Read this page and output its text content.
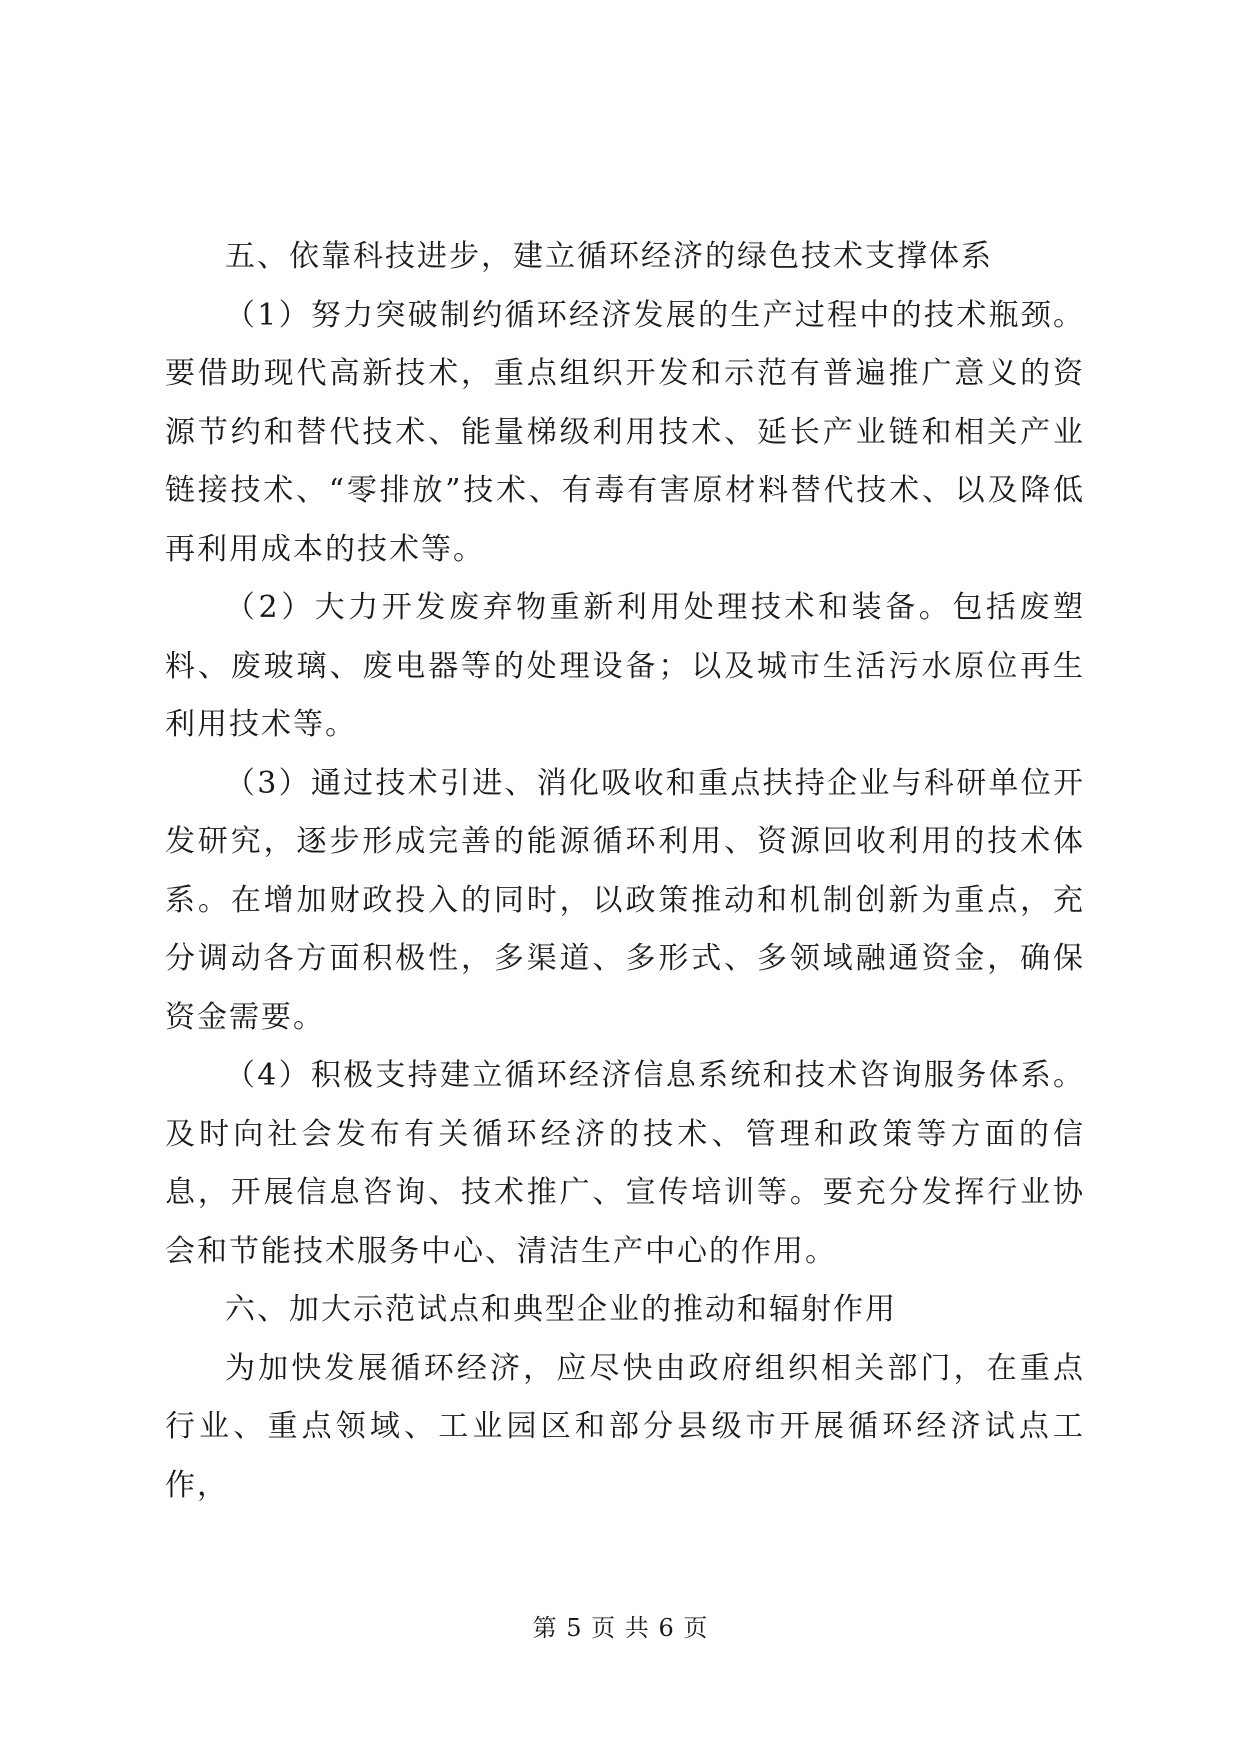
五、依靠科技进步，建立循环经济的绿色技术支撑体系

（1）努力突破制约循环经济发展的生产过程中的技术瓶颈。要借助现代高新技术，重点组织开发和示范有普遍推广意义的资源节约和替代技术、能量梯级利用技术、延长产业链和相关产业链接技术、“零排放”技术、有毒有害原材料替代技术、以及降低再利用成本的技术等。

（2）大力开发废弃物重新利用处理技术和装备。包括废塑料、废玻璃、废电器等的处理设备；以及城市生活污水原位再生利用技术等。

（3）通过技术引进、消化吸收和重点扶持企业与科研单位开发研究，逐步形成完善的能源循环利用、资源回收利用的技术体系。在增加财政投入的同时，以政策推动和机制创新为重点，充分调动各方面积极性，多渠道、多形式、多领域融通资金，确保资金需要。

（4）积极支持建立循环经济信息系统和技术咨询服务体系。及时向社会发布有关循环经济的技术、管理和政策等方面的信息，开展信息咨询、技术推广、宣传培训等。要充分发挥行业协会和节能技术服务中心、清洁生产中心的作用。

六、加大示范试点和典型企业的推动和辐射作用

为加快发展循环经济，应尽快由政府组织相关部门，在重点行业、重点领域、工业园区和部分县级市开展循环经济试点工作，

第 5 页 共 6 页
